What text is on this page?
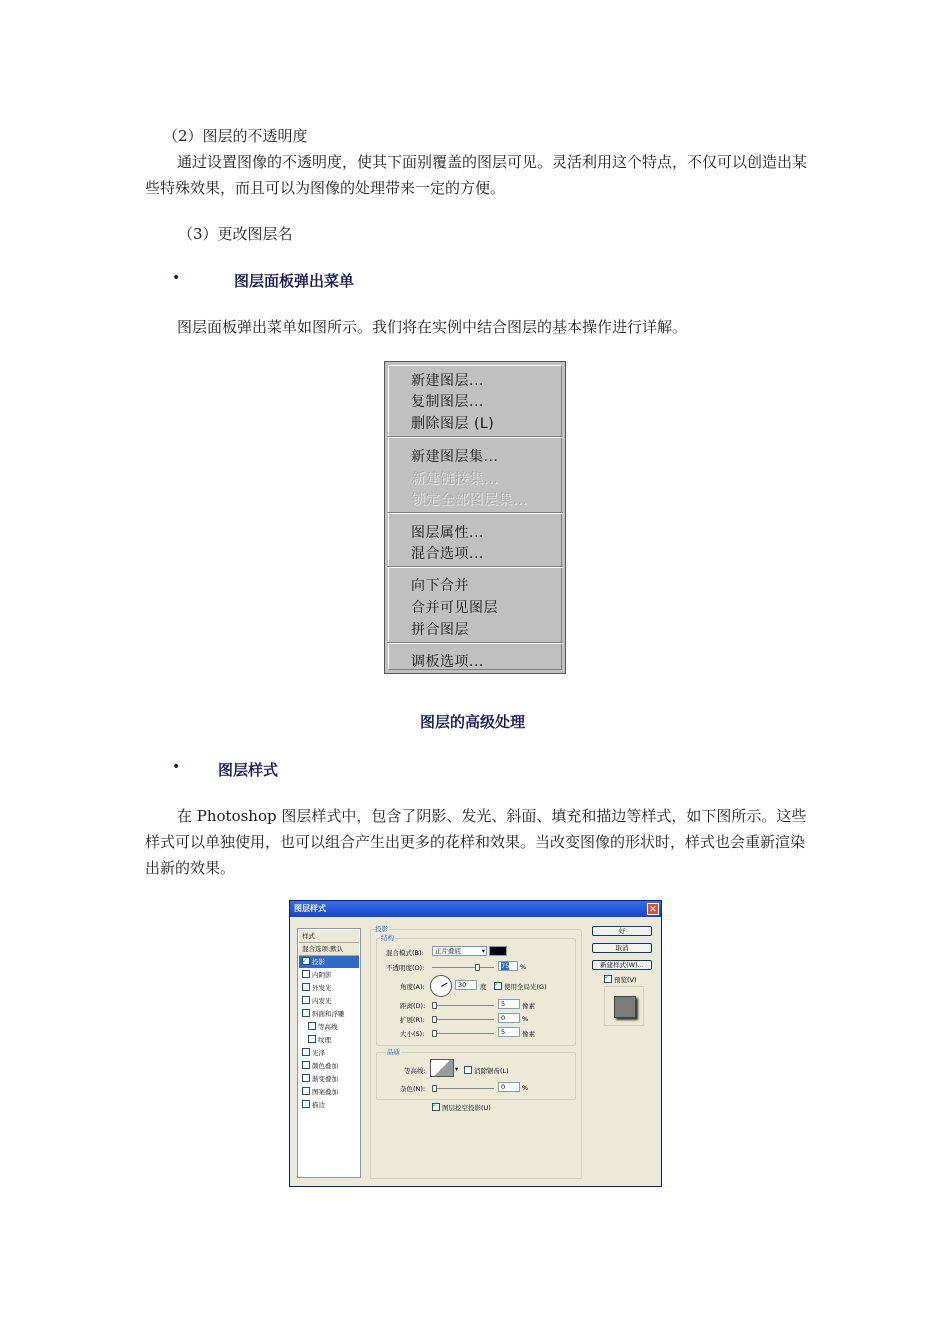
（2）图层的不透明度
通过设置图像的不透明度，使其下面别覆盖的图层可见。灵活利用这个特点，不仅可以创造出某些特殊效果，而且可以为图像的处理带来一定的方便。
（3）更改图层名
•	图层面板弹出菜单
图层面板弹出菜单如图所示。我们将在实例中结合图层的基本操作进行详解。
新建图层...
复制图层...
删除图层 (L)
新建图层集...
新建链接集...
锁定全部图层集...
图层属性...
混合选项...
向下合并
合并可见图层
拼合图层
调板选项...
图层的高级处理
•	图层样式
在 Photoshop 图层样式中，包含了阴影、发光、斜面、填充和描边等样式，如下图所示。这些样式可以单独使用，也可以组合产生出更多的花样和效果。当改变图像的形状时，样式也会重新渲染出新的效果。
图层样式	✕
样式
混合选项:默认
✓投影
内阴影
外发光
内发光
斜面和浮雕
等高线
纹理
光泽
颜色叠加
渐变叠加
图案叠加
描边
投影
结构
混合模式(B):	正片叠底	▾
不透明度(O):	75	%
角度(A):	30	度
✓	使用全局光(G)
距离(D):	5	像素
扩展(R):	0	%
大小(S):	5	像素
品质
等高线:	▾	消除锯齿(L)
杂色(N):	0	%
✓图层挖空投影(U)
好
取消
新建样式(W)...
✓预览(V)
